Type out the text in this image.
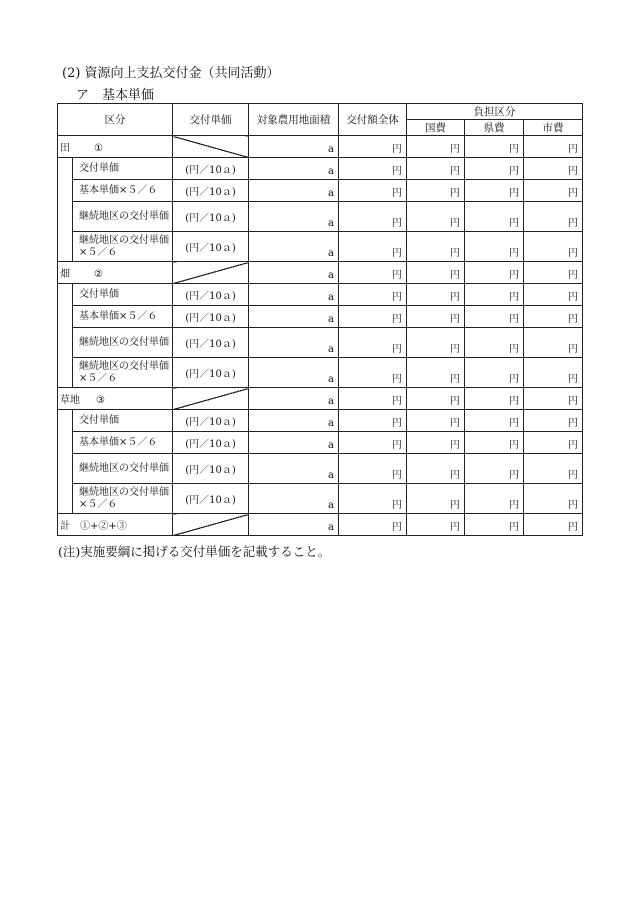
(2) 資源向上支払交付金（共同活動）
ア　基本単価
区分		交付単価	対象農用地面積	交付額全体	負担区分		
					国費	県費	市費
田 ①			a	円	円	円	円
	交付単価	(円／10ａ)	a	円	円	円	円
	基本単価×５／６	(円／10ａ)	a	円	円	円	円
	継続地区の交付単価	(円／10ａ)	a	円	円	円	円
	継続地区の交付単価×５／６	(円／10ａ)	a	円	円	円	円
畑 ②			a	円	円	円	円
	交付単価	(円／10ａ)	a	円	円	円	円
	基本単価×５／６	(円／10ａ)	a	円	円	円	円
	継続地区の交付単価	(円／10ａ)	a	円	円	円	円
	継続地区の交付単価×５／６	(円／10ａ)	a	円	円	円	円
草地 ③			a	円	円	円	円
	交付単価	(円／10ａ)	a	円	円	円	円
	基本単価×５／６	(円／10ａ)	a	円	円	円	円
	継続地区の交付単価	(円／10ａ)	a	円	円	円	円
	継続地区の交付単価×５／６	(円／10ａ)	a	円	円	円	円
計　①+②+③			a	円	円	円	円
(注)実施要綱に掲げる交付単価を記載すること。
